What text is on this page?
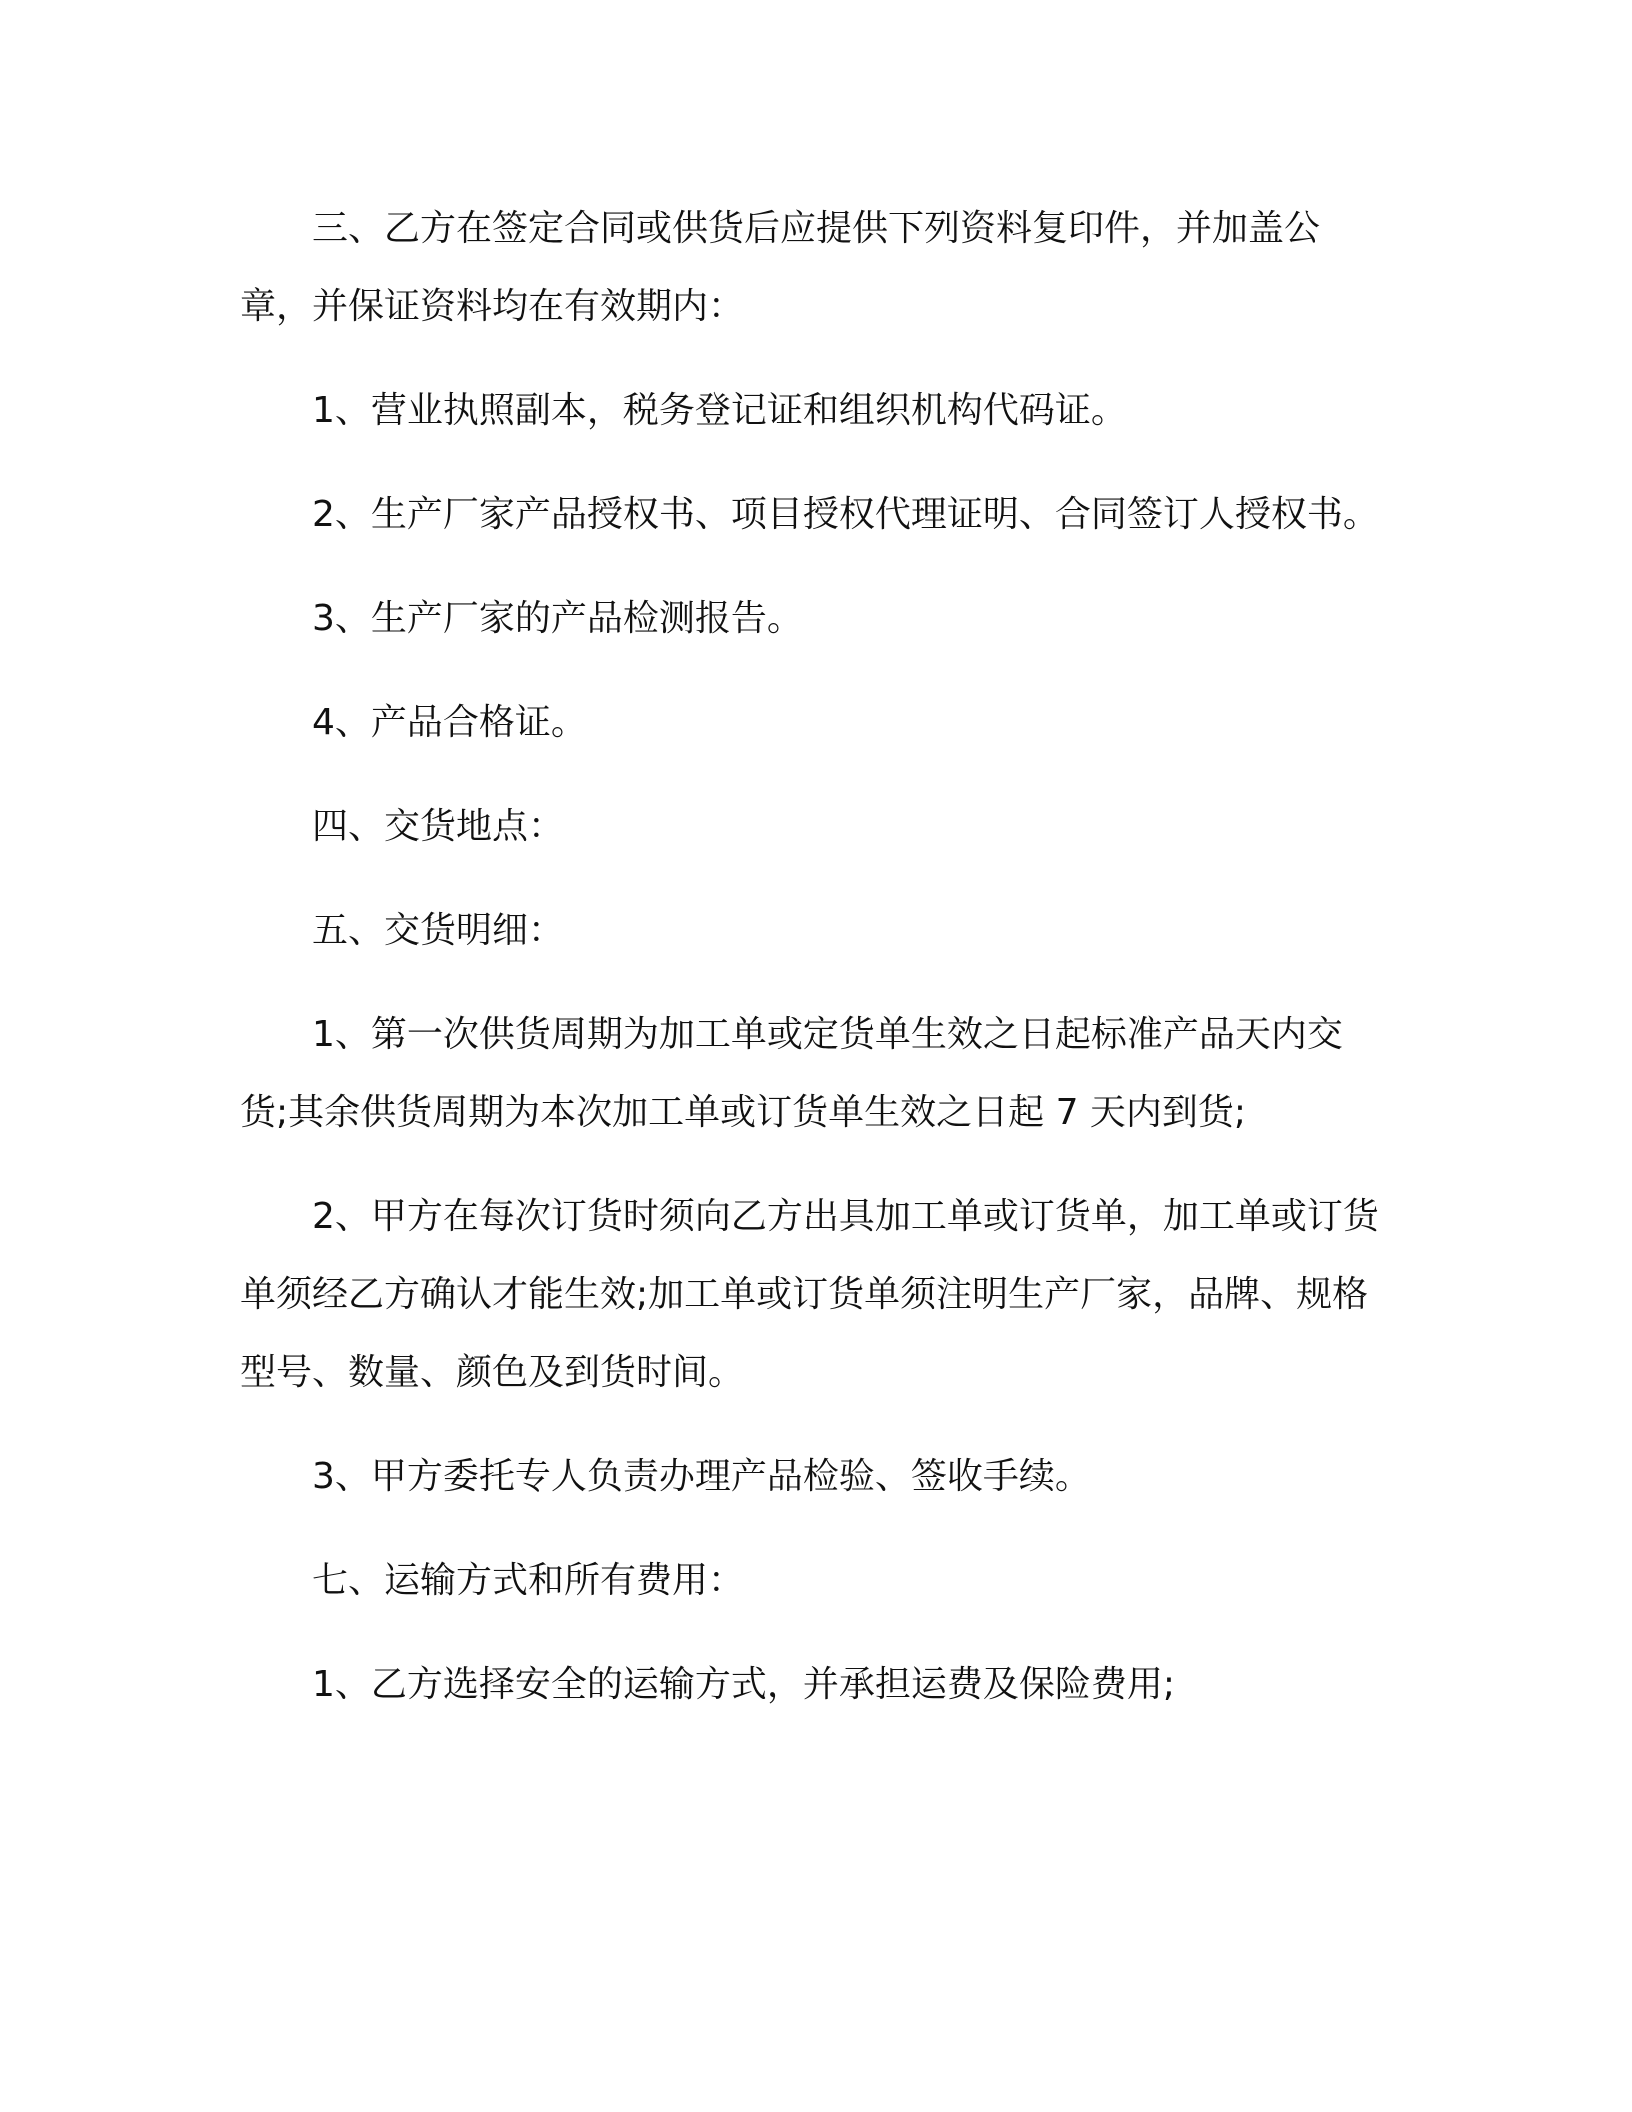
三、乙方在签定合同或供货后应提供下列资料复印件，并加盖公章，并保证资料均在有效期内：

1、营业执照副本，税务登记证和组织机构代码证。

2、生产厂家产品授权书、项目授权代理证明、合同签订人授权书。

3、生产厂家的产品检测报告。

4、产品合格证。

四、交货地点：

五、交货明细：

1、第一次供货周期为加工单或定货单生效之日起标准产品天内交货;其余供货周期为本次加工单或订货单生效之日起 7 天内到货;

2、甲方在每次订货时须向乙方出具加工单或订货单，加工单或订货单须经乙方确认才能生效;加工单或订货单须注明生产厂家，品牌、规格型号、数量、颜色及到货时间。

3、甲方委托专人负责办理产品检验、签收手续。

七、运输方式和所有费用：

1、乙方选择安全的运输方式，并承担运费及保险费用;
